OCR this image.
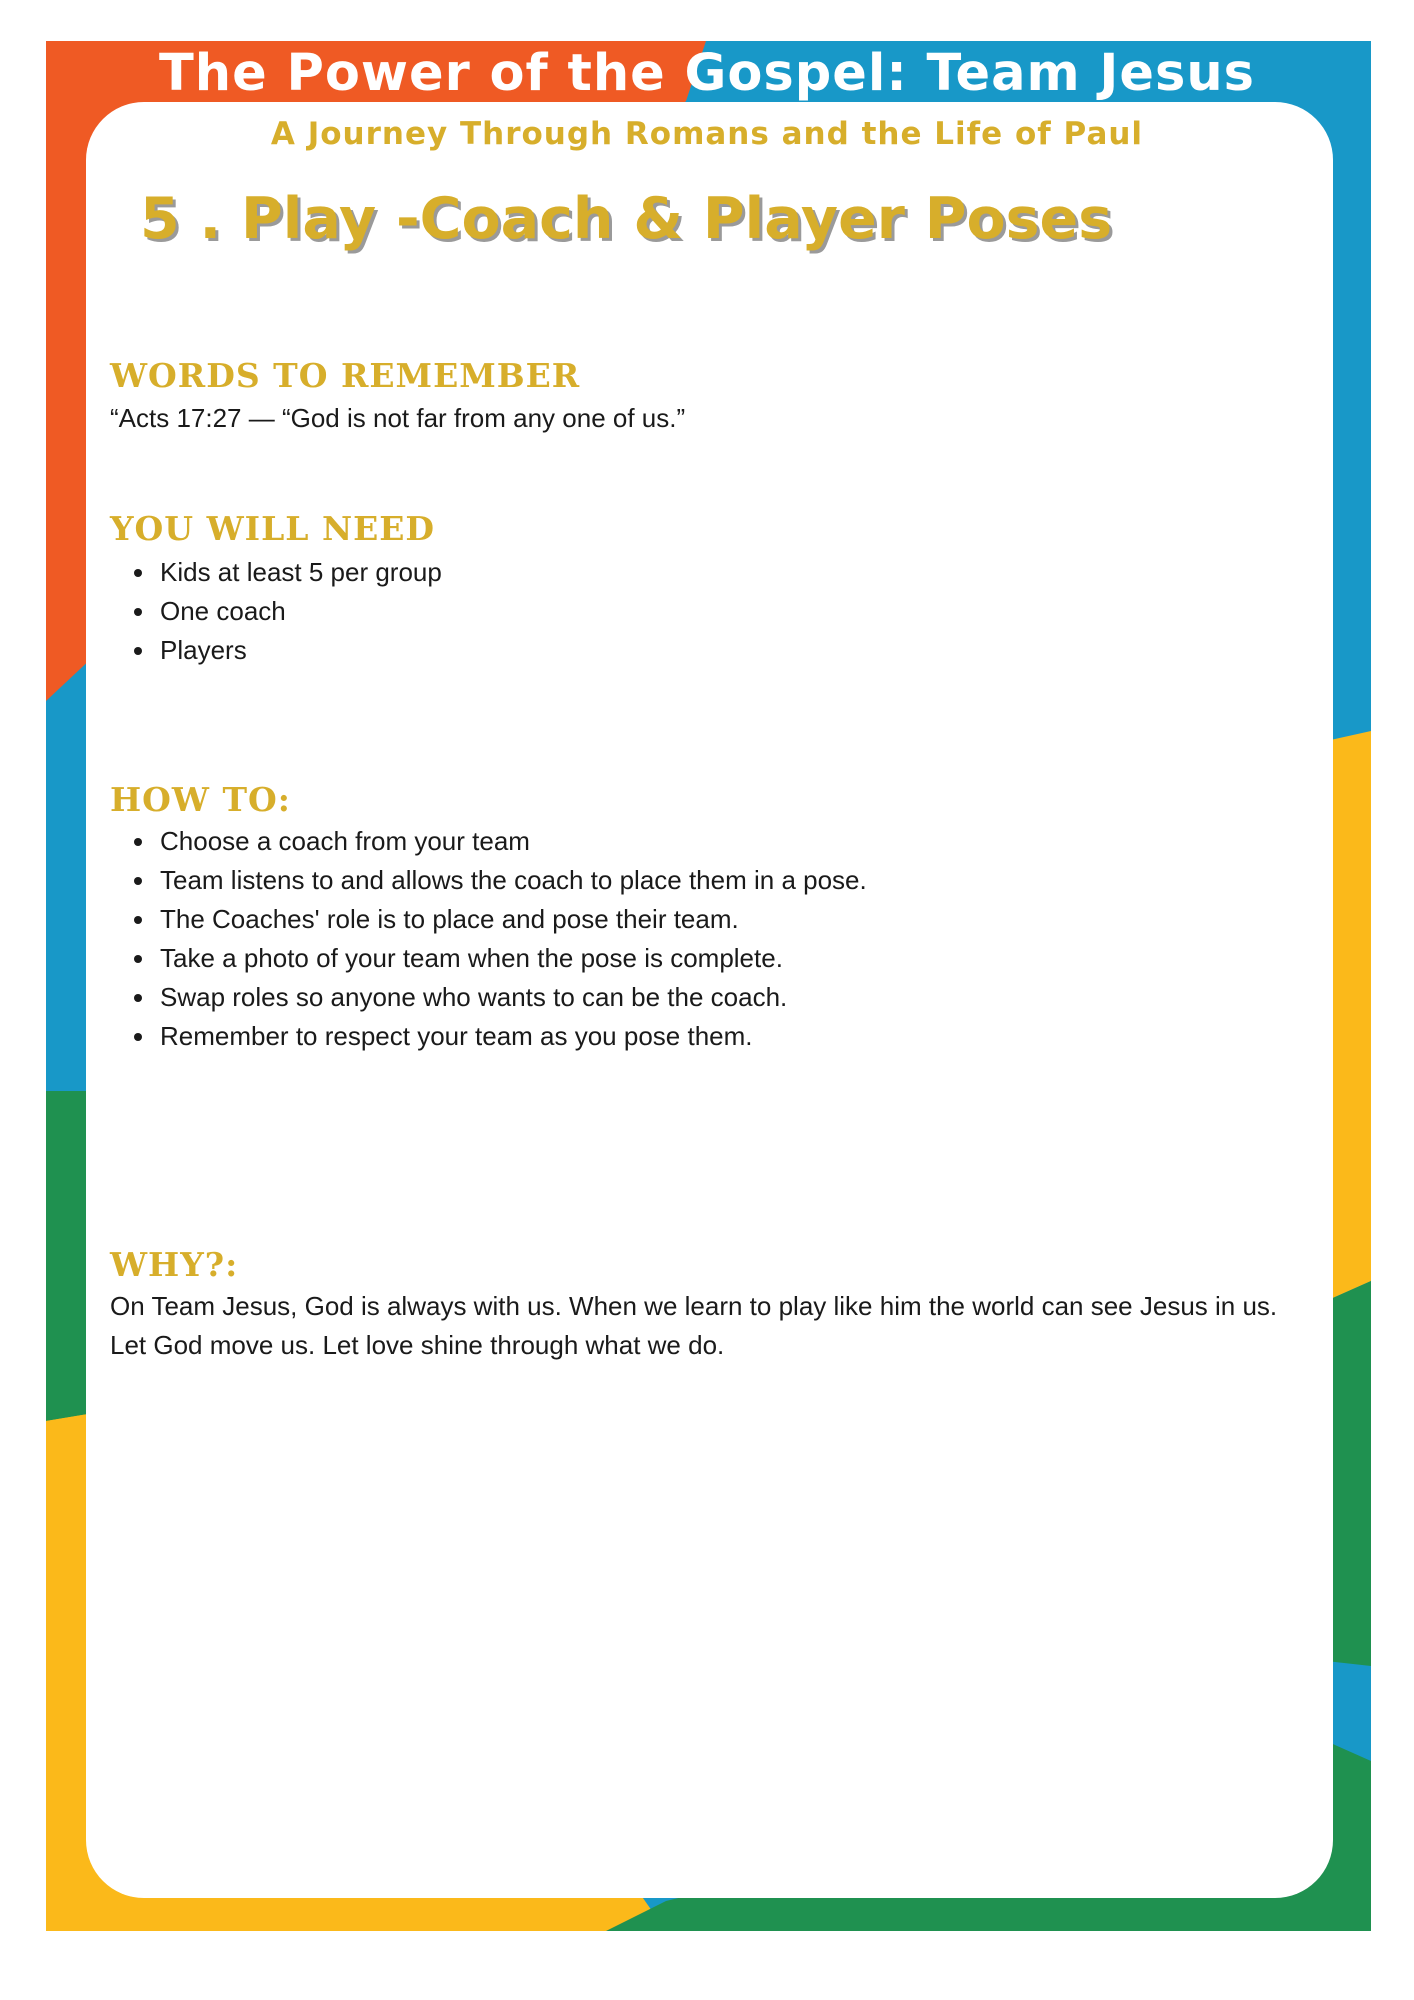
The Power of the Gospel: Team Jesus
A Journey Through Romans and the Life of Paul
5 . Play -Coach & Player Poses
WORDS TO REMEMBER

“Acts 17:27 — “God is not far from any one of us.”

YOU WILL NEED
Kids at least 5 per group
One coach
Players
HOW TO:
Choose a coach from your team
Team listens to and allows the coach to place them in a pose.
The Coaches' role is to place and pose their team.
Take a photo of your team when the pose is complete.
Swap roles so anyone who wants to can be the coach.
Remember to respect your team as you pose them.
WHY?:

On Team Jesus, God is always with us. When we learn to play like him the world can see Jesus in us. Let God move us. Let love shine through what we do.
